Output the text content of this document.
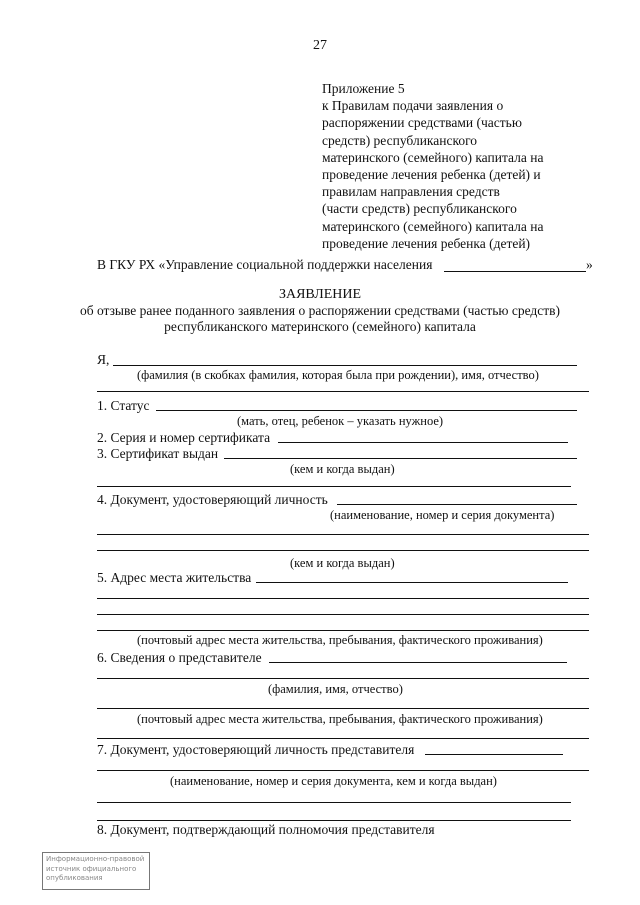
27
Приложение 5
к Правилам подачи заявления о
распоряжении средствами (частью
средств) республиканского
материнского (семейного) капитала на
проведение лечения ребенка (детей) и
правилам направления средств
(части средств) республиканского
материнского (семейного) капитала на
проведение лечения ребенка (детей)
В ГКУ РХ «Управление социальной поддержки населения	»
ЗАЯВЛЕНИЕ
об отзыве ранее поданного заявления о распоряжении средствами (частью средств)
республиканского материнского (семейного) капитала
Я,
(фамилия (в скобках фамилия, которая была при рождении), имя, отчество)
1. Статус
(мать, отец, ребенок – указать нужное)
2. Серия и номер сертификата
3. Сертификат выдан
(кем и когда выдан)
4. Документ, удостоверяющий личность
(наименование, номер и серия документа)
(кем и когда выдан)
5. Адрес места жительства
(почтовый адрес места жительства, пребывания, фактического проживания)
6. Сведения о представителе
(фамилия, имя, отчество)
(почтовый адрес места жительства, пребывания, фактического проживания)
7. Документ, удостоверяющий личность представителя
(наименование, номер и серия документа, кем и когда выдан)
8. Документ, подтверждающий полномочия представителя
Информационно-правовой
источник официального
опубликования
